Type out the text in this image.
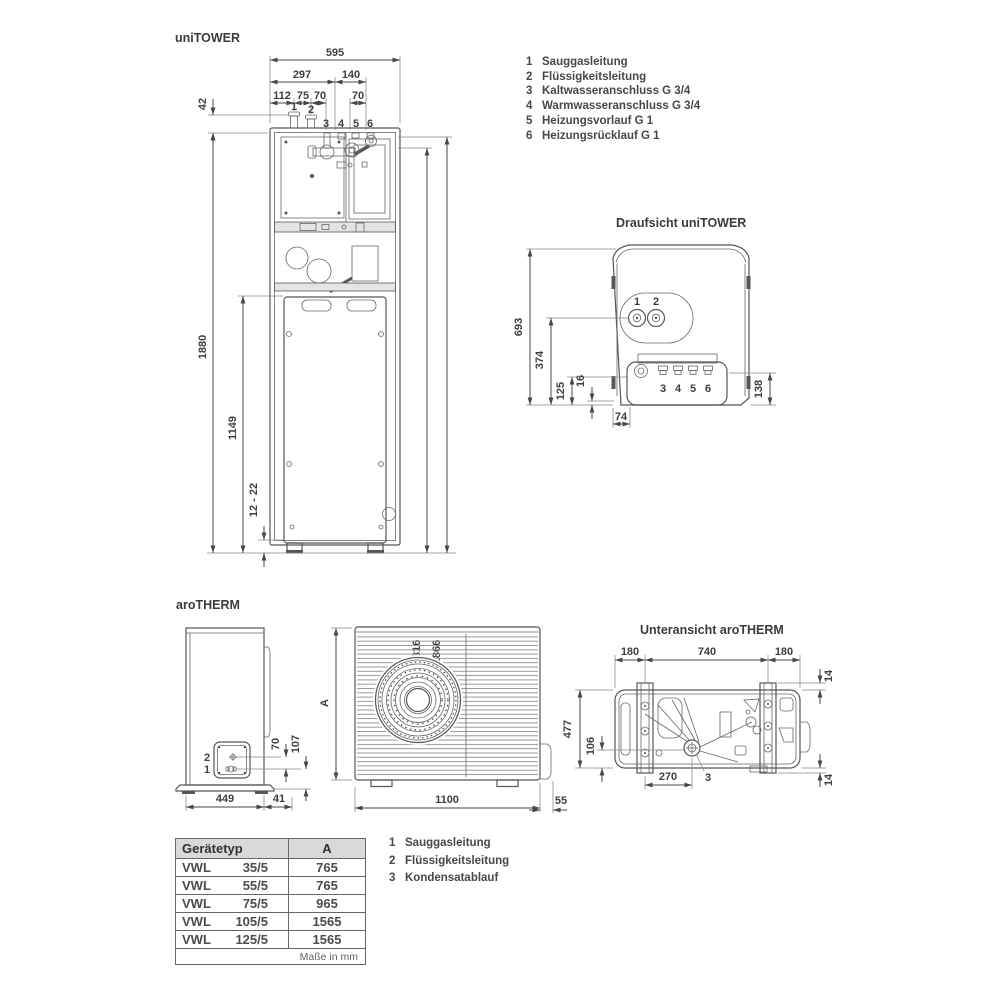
595
297	140
112 75 70 70
42
1880
1149
12 - 22
1 2
3 4 5 6
1 2
3 4 5 6
693
374
125
16
74
138
2
1
70 107
449	41
A
1100	55
180	740	180
14
14
477
106
270	3
uniTOWER
Draufsicht uniTOWER
aroTHERM
Unteransicht aroTHERM
1 Sauggasleitung
2 Flüssigkeitsleitung
3 Kaltwasseranschluss G 3/4
4 Warmwasseranschluss G 3/4
5 Heizungsvorlauf G 1
6 Heizungsrücklauf G 1
1 Sauggasleitung
2 Flüssigkeitsleitung
3 Kondensatablauf
Gerätetyp	A
VWL 35/5	765
VWL 55/5	765
VWL 75/5	965
VWL 105/5	1565
VWL 125/5	1565
Maße in mm
